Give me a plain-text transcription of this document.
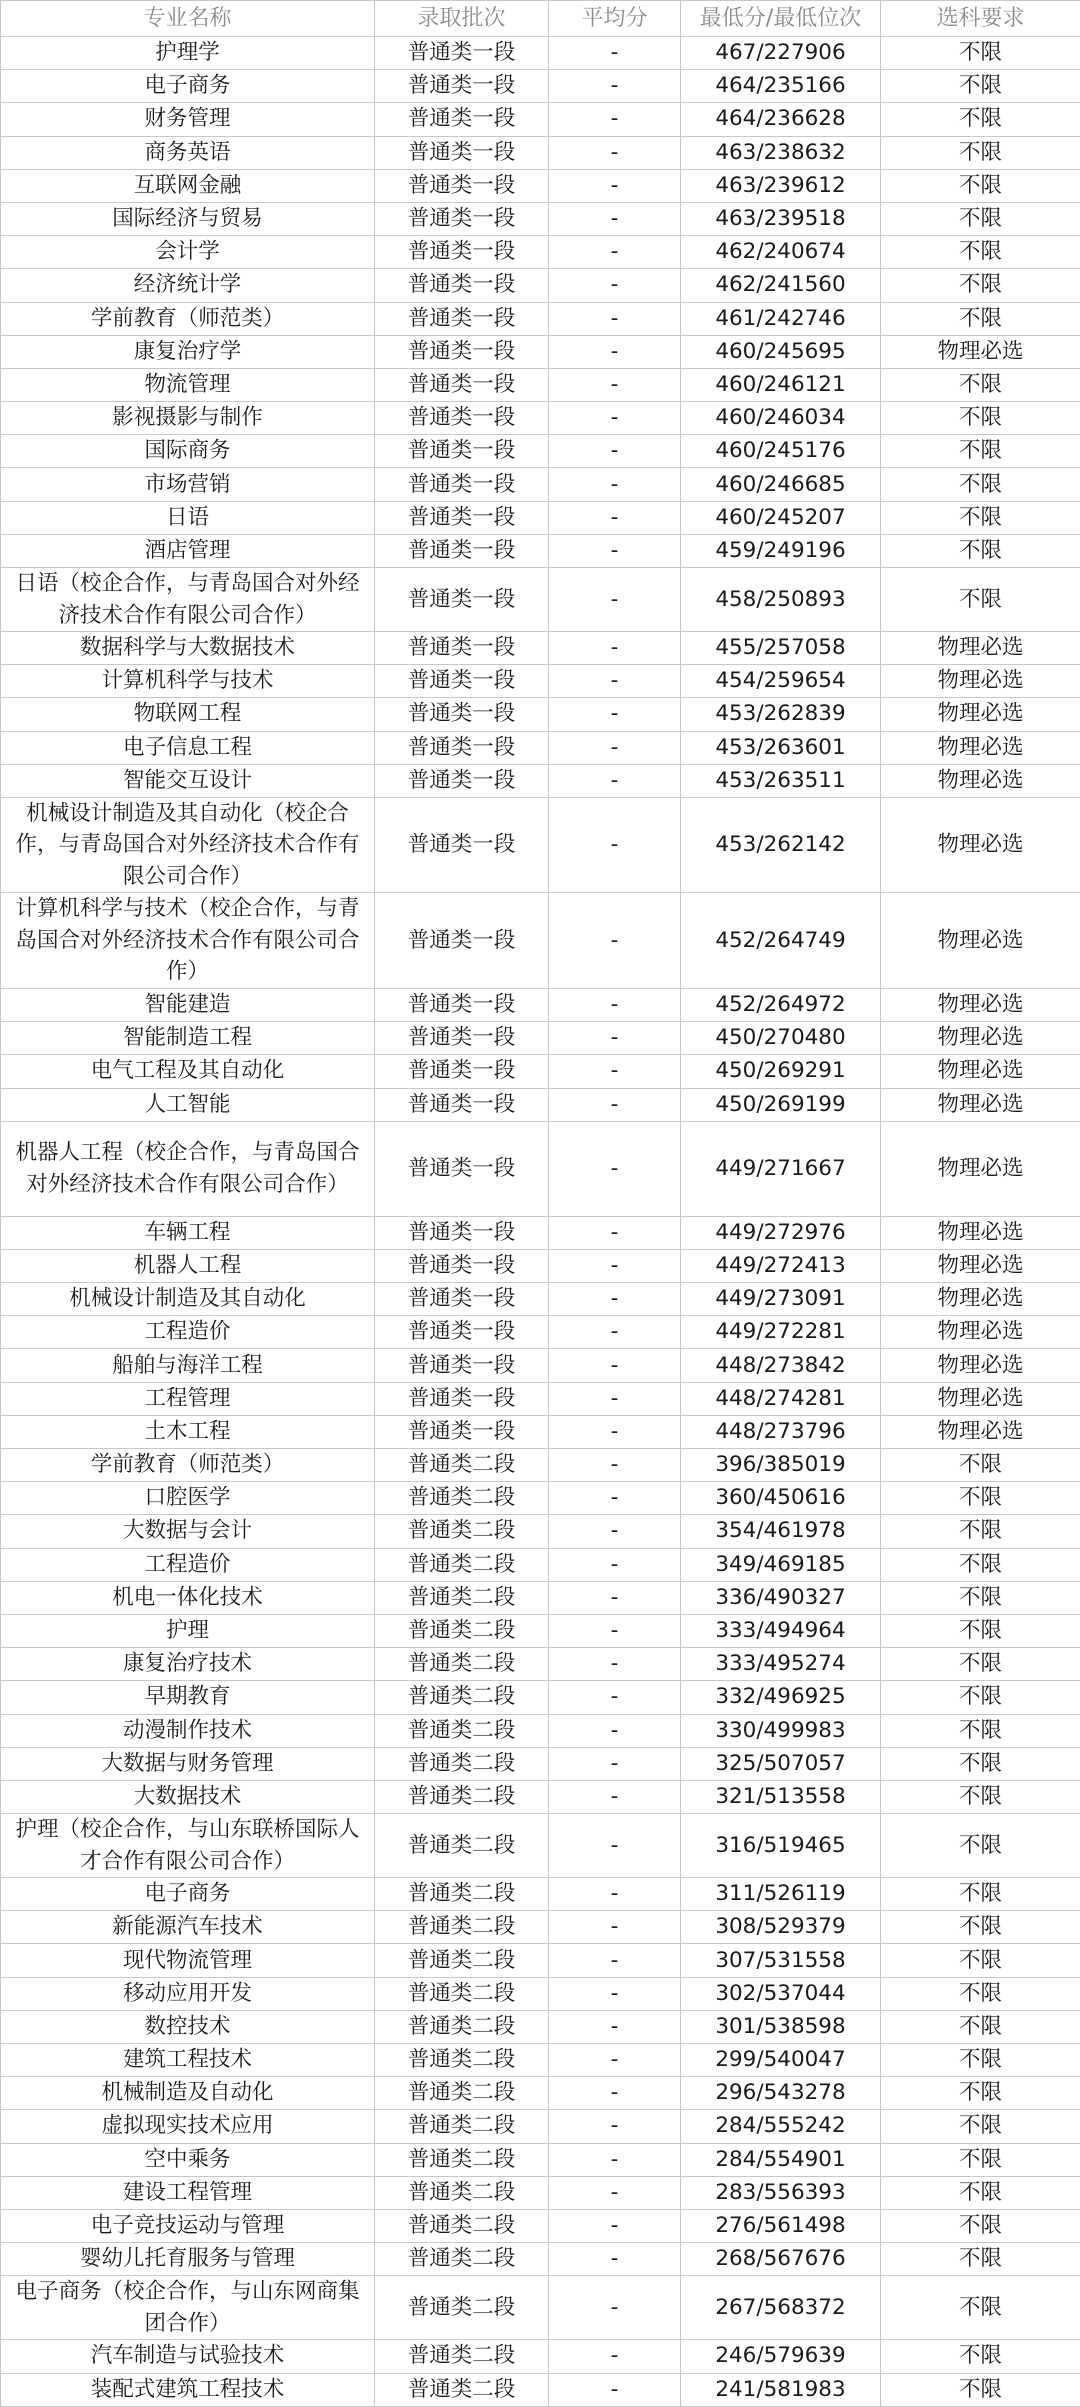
专业名称	录取批次	平均分	最低分/最低位次	选科要求
护理学	普通类一段	-	467/227906	不限
电子商务	普通类一段	-	464/235166	不限
财务管理	普通类一段	-	464/236628	不限
商务英语	普通类一段	-	463/238632	不限
互联网金融	普通类一段	-	463/239612	不限
国际经济与贸易	普通类一段	-	463/239518	不限
会计学	普通类一段	-	462/240674	不限
经济统计学	普通类一段	-	462/241560	不限
学前教育（师范类）	普通类一段	-	461/242746	不限
康复治疗学	普通类一段	-	460/245695	物理必选
物流管理	普通类一段	-	460/246121	不限
影视摄影与制作	普通类一段	-	460/246034	不限
国际商务	普通类一段	-	460/245176	不限
市场营销	普通类一段	-	460/246685	不限
日语	普通类一段	-	460/245207	不限
酒店管理	普通类一段	-	459/249196	不限
日语（校企合作，与青岛国合对外经济技术合作有限公司合作）	普通类一段	-	458/250893	不限
数据科学与大数据技术	普通类一段	-	455/257058	物理必选
计算机科学与技术	普通类一段	-	454/259654	物理必选
物联网工程	普通类一段	-	453/262839	物理必选
电子信息工程	普通类一段	-	453/263601	物理必选
智能交互设计	普通类一段	-	453/263511	物理必选
机械设计制造及其自动化（校企合作，与青岛国合对外经济技术合作有限公司合作）	普通类一段	-	453/262142	物理必选
计算机科学与技术（校企合作，与青岛国合对外经济技术合作有限公司合作）	普通类一段	-	452/264749	物理必选
智能建造	普通类一段	-	452/264972	物理必选
智能制造工程	普通类一段	-	450/270480	物理必选
电气工程及其自动化	普通类一段	-	450/269291	物理必选
人工智能	普通类一段	-	450/269199	物理必选
机器人工程（校企合作，与青岛国合对外经济技术合作有限公司合作）	普通类一段	-	449/271667	物理必选
车辆工程	普通类一段	-	449/272976	物理必选
机器人工程	普通类一段	-	449/272413	物理必选
机械设计制造及其自动化	普通类一段	-	449/273091	物理必选
工程造价	普通类一段	-	449/272281	物理必选
船舶与海洋工程	普通类一段	-	448/273842	物理必选
工程管理	普通类一段	-	448/274281	物理必选
土木工程	普通类一段	-	448/273796	物理必选
学前教育（师范类）	普通类二段	-	396/385019	不限
口腔医学	普通类二段	-	360/450616	不限
大数据与会计	普通类二段	-	354/461978	不限
工程造价	普通类二段	-	349/469185	不限
机电一体化技术	普通类二段	-	336/490327	不限
护理	普通类二段	-	333/494964	不限
康复治疗技术	普通类二段	-	333/495274	不限
早期教育	普通类二段	-	332/496925	不限
动漫制作技术	普通类二段	-	330/499983	不限
大数据与财务管理	普通类二段	-	325/507057	不限
大数据技术	普通类二段	-	321/513558	不限
护理（校企合作，与山东联桥国际人才合作有限公司合作）	普通类二段	-	316/519465	不限
电子商务	普通类二段	-	311/526119	不限
新能源汽车技术	普通类二段	-	308/529379	不限
现代物流管理	普通类二段	-	307/531558	不限
移动应用开发	普通类二段	-	302/537044	不限
数控技术	普通类二段	-	301/538598	不限
建筑工程技术	普通类二段	-	299/540047	不限
机械制造及自动化	普通类二段	-	296/543278	不限
虚拟现实技术应用	普通类二段	-	284/555242	不限
空中乘务	普通类二段	-	284/554901	不限
建设工程管理	普通类二段	-	283/556393	不限
电子竞技运动与管理	普通类二段	-	276/561498	不限
婴幼儿托育服务与管理	普通类二段	-	268/567676	不限
电子商务（校企合作，与山东网商集团合作）	普通类二段	-	267/568372	不限
汽车制造与试验技术	普通类二段	-	246/579639	不限
装配式建筑工程技术	普通类二段	-	241/581983	不限
